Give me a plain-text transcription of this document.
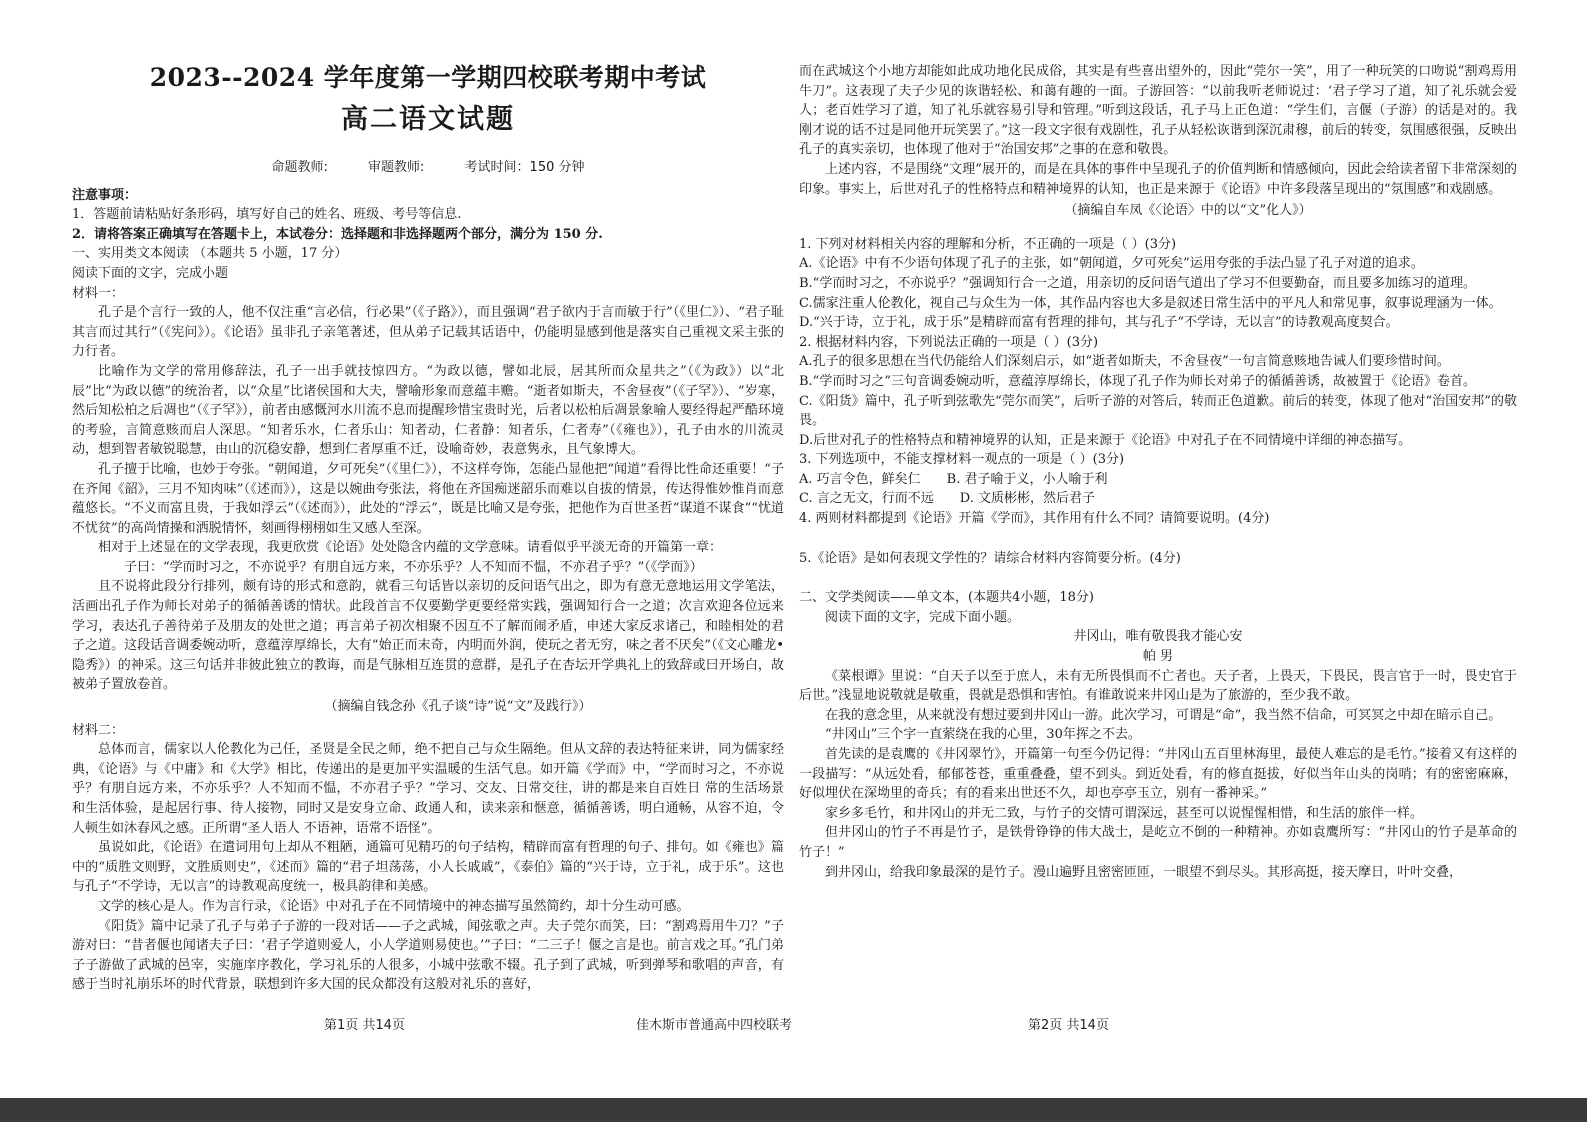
2023--2024 学年度第一学期四校联考期中考试
高二语文试题
命题教师:	审题教师:	考试时间：150 分钟

注意事项：

1．答题前请粘贴好条形码，填写好自己的姓名、班级、考号等信息.

2．请将答案正确填写在答题卡上，本试卷分：选择题和非选择题两个部分，满分为 150 分.

一、实用类文本阅读 （本题共 5 小题，17 分）

阅读下面的文字，完成小题

材料一：

孔子是个言行一致的人，他不仅注重“言必信，行必果”（《子路》），而且强调“君子欲内于言而敏于行”（《里仁》）、“君子耻其言而过其行”（《宪问》）。《论语》虽非孔子亲笔著述，但从弟子记载其话语中，仍能明显感到他是落实自己重视文采主张的力行者。

比喻作为文学的常用修辞法，孔子一出手就技惊四方。“为政以德，譬如北辰，居其所而众星共之”（《为政》）以“北辰”比“为政以德”的统治者，以“众星”比诸侯国和大夫，譬喻形象而意蕴丰赡。“逝者如斯夫，不舍昼夜”（《子罕》）、“岁寒，然后知松柏之后凋也”（《子罕》），前者由感慨河水川流不息而提醒珍惜宝贵时光，后者以松柏后凋景象喻人要经得起严酷环境的考验，言简意赅而启人深思。“知者乐水，仁者乐山：知者动，仁者静：知者乐，仁者寿”（《雍也》），孔子由水的川流灵动，想到智者敏锐聪慧，由山的沉稳安静，想到仁者厚重不迁，设喻奇妙，表意隽永，且气象博大。

孔子擅于比喻，也妙于夸张。“朝闻道，夕可死矣”（《里仁》），不这样夸饰，怎能凸显他把“闻道”看得比性命还重要！“子在齐闻《韶》，三月不知肉味”（《述而》），这是以婉曲夸张法，将他在齐国痴迷韶乐而难以自拔的情景，传达得惟妙惟肖而意蕴悠长。“不义而富且贵，于我如浮云”（《述而》），此处的“浮云”，既是比喻又是夸张，把他作为百世圣哲“谋道不谋食”“忧道不忧贫”的高尚情操和洒脱情怀，刻画得栩栩如生又感人至深。

相对于上述显在的文学表现，我更欣赏《论语》处处隐含内蕴的文学意味。请看似乎平淡无奇的开篇第一章：

子曰：“学而时习之，不亦说乎？有朋自远方来，不亦乐乎？人不知而不愠，不亦君子乎？”（《学而》）

且不说将此段分行排列，颇有诗的形式和意韵，就看三句话皆以亲切的反问语气出之，即为有意无意地运用文学笔法，活画出孔子作为师长对弟子的循循善诱的情状。此段首言不仅要勤学更要经常实践，强调知行合一之道；次言欢迎各位远来学习，表达孔子善待弟子及朋友的处世之道；再言弟子初次相聚不因互不了解而闹矛盾，申述大家反求诸己，和睦相处的君子之道。这段话音调委婉动听，意蕴淳厚绵长，大有“始正而末奇，内明而外润，使玩之者无穷，味之者不厌矣”（《文心雕龙•隐秀》）的神采。这三句话并非彼此独立的教诲，而是气脉相互连贯的意群，是孔子在杏坛开学典礼上的致辞或曰开场白，故被弟子置放卷首。

（摘编自钱念孙《孔子谈“诗”说“文”及践行》）

材料二：

总体而言，儒家以人伦教化为己任，圣贤是全民之师，绝不把自己与众生隔绝。但从文辞的表达特征来讲，同为儒家经典，《论语》与《中庸》和《大学》相比，传递出的是更加平实温暖的生活气息。如开篇《学而》中，“学而时习之，不亦说乎？有朋自远方来，不亦乐乎？人不知而不愠，不亦君子乎？”学习、交友、日常交往，讲的都是来自百姓日 常的生活场景和生活体验，是起居行事、待人接物，同时又是安身立命、政通人和，读来亲和惬意，循循善诱，明白通畅，从容不迫，令人顿生如沐春风之感。正所谓“圣人语人 不语神，语常不语怪”。

虽说如此，《论语》在遣词用句上却从不粗陋，通篇可见精巧的句子结构，精辟而富有哲理的句子、排句。如《雍也》篇中的“质胜文则野，文胜质则史”，《述而》篇的“君子坦荡荡，小人长戚戚”，《泰伯》篇的“兴于诗，立于礼，成于乐”。这也与孔子“不学诗，无以言”的诗教观高度统一，极具韵律和美感。

文学的核心是人。作为言行录，《论语》中对孔子在不同情境中的神态描写虽然简约，却十分生动可感。

《阳货》篇中记录了孔子与弟子子游的一段对话——子之武城，闻弦歌之声。夫子莞尔而笑，曰：“割鸡焉用牛刀？”子游对曰：“昔者偃也闻诸夫子曰：‘君子学道则爱人，小人学道则易使也。’”子曰：“二三子！偃之言是也。前言戏之耳。”孔门弟子子游做了武城的邑宰，实施庠序教化，学习礼乐的人很多，小城中弦歌不辍。孔子到了武城，听到弹琴和歌唱的声音，有感于当时礼崩乐坏的时代背景，联想到许多大国的民众都没有这般对礼乐的喜好，

而在武城这个小地方却能如此成功地化民成俗，其实是有些喜出望外的，因此“莞尔一笑”，用了一种玩笑的口吻说“割鸡焉用牛刀”。这表现了夫子少见的诙谐轻松、和蔼有趣的一面。子游回答：“以前我听老师说过：‘君子学习了道，知了礼乐就会爱人；老百姓学习了道，知了礼乐就容易引导和管理。”听到这段话，孔子马上正色道：“学生们，言偃（子游）的话是对的。我刚才说的话不过是同他开玩笑罢了。”这一段文字很有戏剧性，孔子从轻松诙谐到深沉肃穆，前后的转变，氛围感很强，反映出孔子的真实亲切，也体现了他对于“治国安邦”之事的在意和敬畏。

上述内容，不是围绕“文理”展开的，而是在具体的事件中呈现孔子的价值判断和情感倾向，因此会给读者留下非常深刻的印象。事实上，后世对孔子的性格特点和精神境界的认知，也正是来源于《论语》中许多段落呈现出的“氛围感”和戏剧感。

（摘编自车凤《〈论语〉中的以“文”化人》）

1. 下列对材料相关内容的理解和分析，不正确的一项是（ ）(3分)

A.《论语》中有不少语句体现了孔子的主张，如“朝闻道，夕可死矣”运用夸张的手法凸显了孔子对道的追求。

B.“学而时习之，不亦说乎？”强调知行合一之道，用亲切的反问语气道出了学习不但要勤奋，而且要多加练习的道理。

C.儒家注重人伦教化，视自己与众生为一体，其作品内容也大多是叙述日常生活中的平凡人和常见事，叙事说理涵为一体。

D.“兴于诗，立于礼，成于乐”是精辟而富有哲理的排句，其与孔子“不学诗，无以言”的诗教观高度契合。

2. 根据材料内容，下列说法正确的一项是（ ）(3分)

A.孔子的很多思想在当代仍能给人们深刻启示，如“逝者如斯夫，不舍昼夜”一句言简意赅地告诫人们要珍惜时间。

B.“学而时习之”三句音调委婉动听，意蕴淳厚绵长，体现了孔子作为师长对弟子的循循善诱，故被置于《论语》卷首。

C.《阳货》篇中，孔子听到弦歌先“莞尔而笑”，后听子游的对答后，转而正色道歉。前后的转变，体现了他对“治国安邦”的敬畏。

D.后世对孔子的性格特点和精神境界的认知，正是来源于《论语》中对孔子在不同情境中详细的神态描写。

3. 下列选项中，不能支撑材料一观点的一项是（ ）(3分)

A. 巧言令色，鲜矣仁　　B. 君子喻于义，小人喻于利

C. 言之无文，行而不远　　D. 文质彬彬，然后君子

4. 两则材料都提到《论语》开篇《学而》，其作用有什么不同？请简要说明。(4分)

5.《论语》是如何表现文学性的？请综合材料内容简要分析。(4分)

二、文学类阅读——单文本，(本题共4小题，18分)

阅读下面的文字，完成下面小题。

井冈山，唯有敬畏我才能心安

帕 男

《菜根谭》里说：“自天子以至于庶人，未有无所畏惧而不亡者也。天子者，上畏天，下畏民，畏言官于一时，畏史官于后世。”浅显地说敬就是敬重，畏就是恐惧和害怕。有谁敢说来井冈山是为了旅游的，至少我不敢。

在我的意念里，从来就没有想过要到井冈山一游。此次学习，可谓是“命”，我当然不信命，可冥冥之中却在暗示自己。

“井冈山”三个字一直萦绕在我的心里，30年挥之不去。

首先读的是袁鹰的《井冈翠竹》，开篇第一句至今仍记得：“井冈山五百里林海里，最使人难忘的是毛竹。”接着又有这样的一段描写：“从远处看，郁郁苍苍，重重叠叠，望不到头。到近处看，有的修直挺拔，好似当年山头的岗哨；有的密密麻麻，好似埋伏在深坳里的奇兵；有的看来出世还不久，却也亭亭玉立，别有一番神采。”

家乡多毛竹，和井冈山的并无二致，与竹子的交情可谓深远，甚至可以说惺惺相惜，和生活的旅伴一样。

但井冈山的竹子不再是竹子，是铁骨铮铮的伟大战士，是屹立不倒的一种精神。亦如袁鹰所写：“井冈山的竹子是革命的竹子！”

到井冈山，给我印象最深的是竹子。漫山遍野且密密匝匝，一眼望不到尽头。其形高挺，接天摩日，叶叶交叠，

第1页 共14页	佳木斯市普通高中四校联考	第2页 共14页
